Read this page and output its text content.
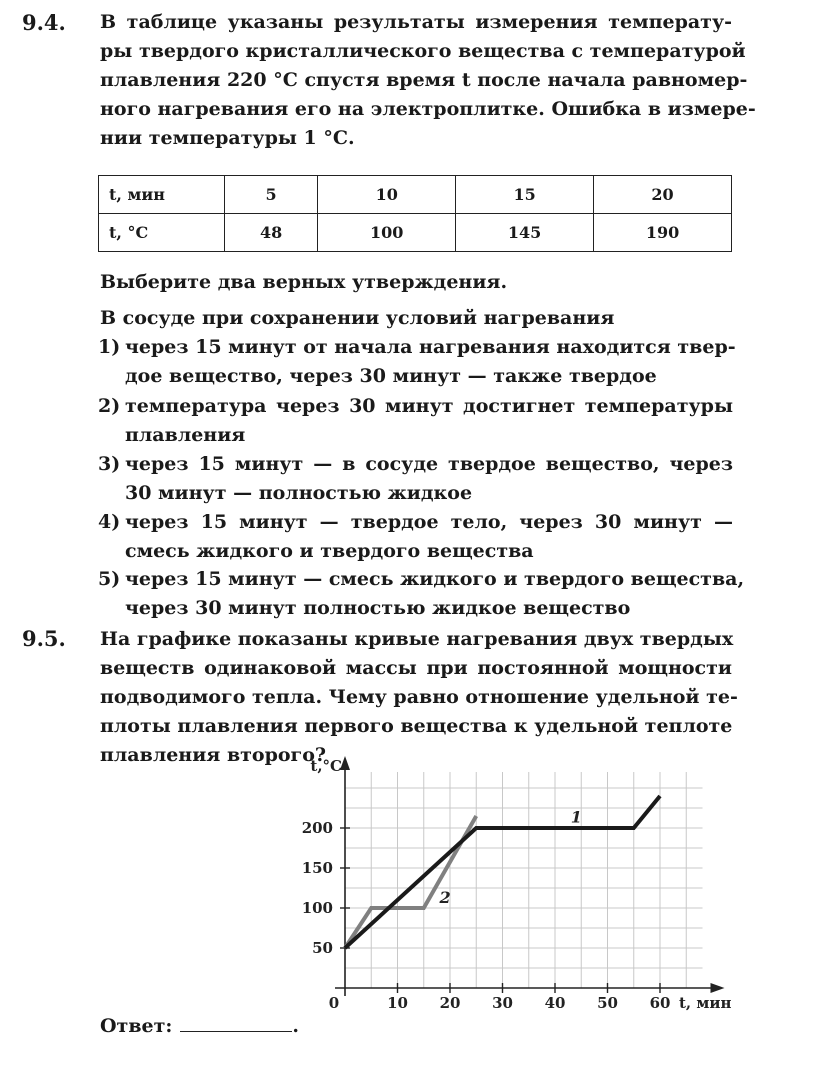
9.4. В таблице указаны результаты измерения температу-
ры твердого кристаллического вещества с температурой
плавления 220 °С спустя время t после начала равномер-
ного нагревания его на электроплитке. Ошибка в измере-
нии температуры 1 °С.
t, мин	5	10	15	20
t, °C	48	100	145	190
Выберите два верных утверждения.
В сосуде при сохранении условий нагревания
1) через 15 минут от начала нагревания находится твер-
дое вещество, через 30 минут — также твердое
2) температура через 30 минут достигнет температуры
плавления
3) через 15 минут — в сосуде твердое вещество, через
30 минут — полностью жидкое
4) через 15 минут — твердое тело, через 30 минут —
смесь жидкого и твердого вещества
5) через 15 минут — смесь жидкого и твердого вещества,
через 30 минут полностью жидкое вещество
9.5. На графике показаны кривые нагревания двух твердых
веществ одинаковой массы при постоянной мощности
подводимого тепла. Чему равно отношение удельной те-
плоты плавления первого вещества к удельной теплоте
плавления второго?
0	10 20 30 40 50 60
50
100
150
200
t,°C
t, мин
1
2
Ответ:	.
